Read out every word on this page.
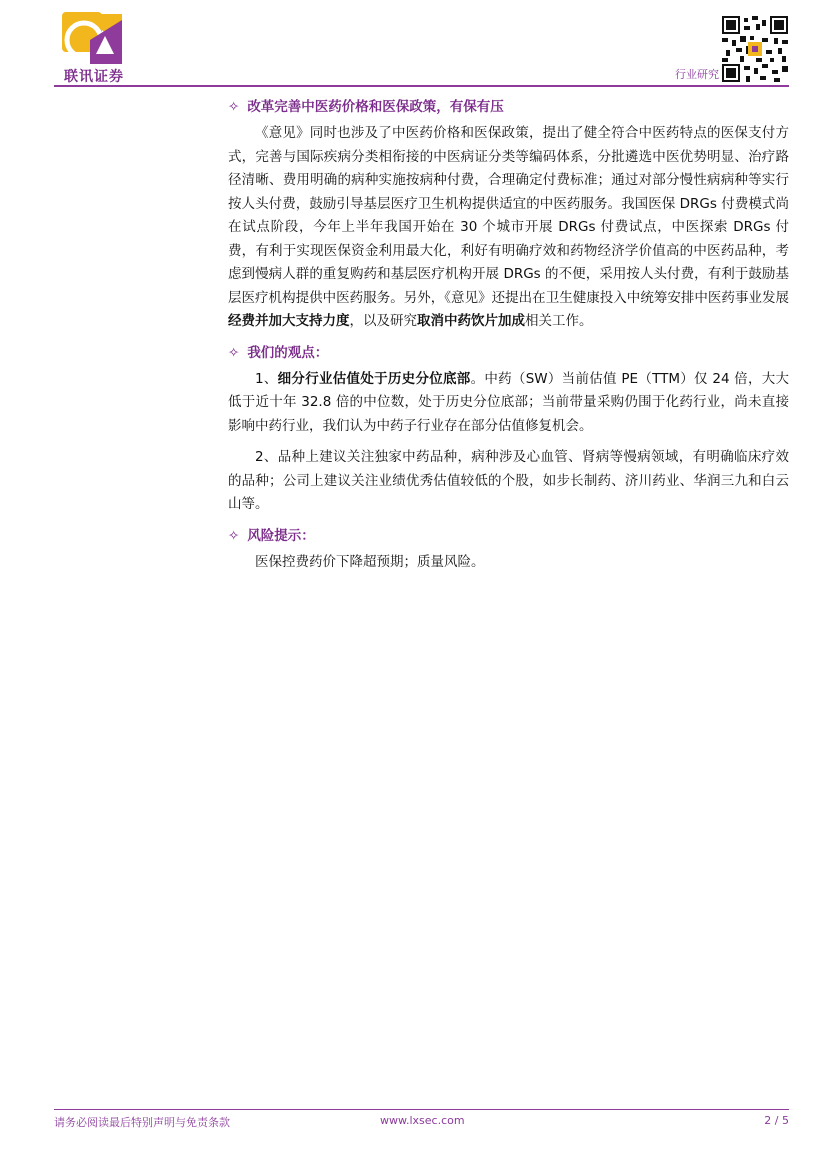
联讯证券	行业研究
✧ 改革完善中医药价格和医保政策，有保有压

《意见》同时也涉及了中医药价格和医保政策，提出了健全符合中医药特点的医保支付方式，完善与国际疾病分类相衔接的中医病证分类等编码体系，分批遴选中医优势明显、治疗路径清晰、费用明确的病种实施按病种付费，合理确定付费标准；通过对部分慢性病病种等实行按人头付费，鼓励引导基层医疗卫生机构提供适宜的中医药服务。我国医保 DRGs 付费模式尚在试点阶段，今年上半年我国开始在 30 个城市开展 DRGs 付费试点，中医探索 DRGs 付费，有利于实现医保资金利用最大化，利好有明确疗效和药物经济学价值高的中医药品种，考虑到慢病人群的重复购药和基层医疗机构开展 DRGs 的不便，采用按人头付费，有利于鼓励基层医疗机构提供中医药服务。另外，《意见》还提出在卫生健康投入中统筹安排中医药事业发展经费并加大支持力度，以及研究取消中药饮片加成相关工作。

✧ 我们的观点：

1、细分行业估值处于历史分位底部。中药（SW）当前估值 PE（TTM）仅 24 倍，大大低于近十年 32.8 倍的中位数，处于历史分位底部；当前带量采购仍围于化药行业，尚未直接影响中药行业，我们认为中药子行业存在部分估值修复机会。

2、品种上建议关注独家中药品种，病种涉及心血管、肾病等慢病领域，有明确临床疗效的品种；公司上建议关注业绩优秀估值较低的个股，如步长制药、济川药业、华润三九和白云山等。

✧ 风险提示：

医保控费药价下降超预期；质量风险。

请务必阅读最后特别声明与免责条款	www.lxsec.com	2 / 5
